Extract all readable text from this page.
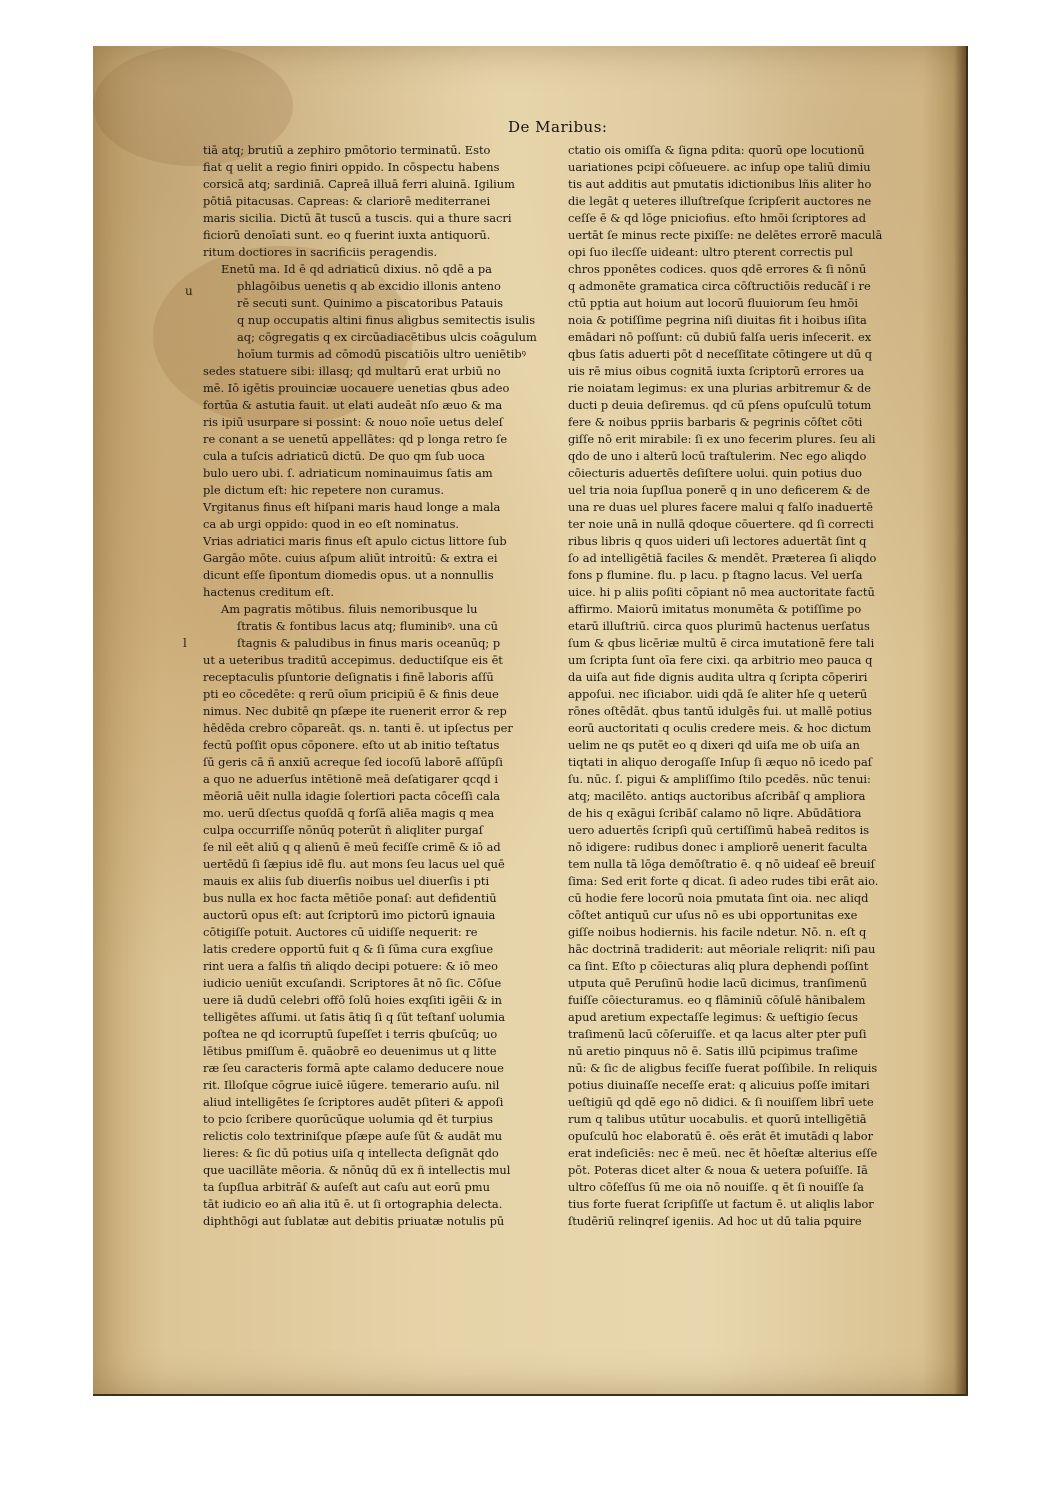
De Maribus:
u
l
tiā atq; brutiū a zephiro pmōtorio terminatū. Esto
fiat q uelit a regio finiri oppido. In cōspectu habens
corsicā atq; sardiniā. Capreā illuā ferri aluinā. Igilium
pōtiā pitacusas. Capreas: & clariorē mediterranei
maris sicilia. Dictū ā̄t tuscū a tuscis. qui a thure sacri
ficiorū denoīati sunt. eo q fuerint iuxta antiquorū.
ritum doctiores in sacrificiis peragendis.
Enetū ma. Id ē qd adriaticū dixius. nō qdē a pa
phlagōibus uenetis q ab excidio illonis anteno
rē secuti sunt. Quinimo a piscatoribus Patauis
q nup occupatis altini finus aligbus semitectis isulis
aq; cōgregatis q ex circūadiacētibus ulcis coāgulum
hoīum turmis ad cōmodū piscatiōis ultro ueniētibꝰ
sedes statuere sibi: illasq; qd multarū erat urbiū no
mē. Iō igētis prouinciæ uocauere uenetias qbus adeo
fortūa & astutia fauit. ut elati audeāt nſo æuo & ma
ris ipiū usurpare si possint: & nouo noīe uetus deleſ
re conant a se uenetū appellātes: qd p longa retro ſe
cula a tuſcis adriaticū dictū. De quo qm ſub uoca
bulo uero ubi. ſ. adriaticum nominauimus ſatis am
ple dictum eſt: hic repetere non curamus.
Vrgitanus finus eſt hiſpani maris haud longe a mala
ca ab urgi oppido: quod in eo eſt nominatus.
Vrias adriatici maris finus eſt apulo cictus littore ſub
Gargāo mōte. cuius aſpum aliūt introitū: & extra ei
dicunt eſſe ſipontum diomedis opus. ut a nonnullis
hactenus creditum eſt.
Am pagratis mōtibus. filuis nemoribusque lu
ſtratis & fontibus lacus atq; fluminibꝰ. una cū
ſtagnis & paludibus in finus maris oceanūq; p
ut a ueteribus traditū accepimus. deductiſque eis ēt
receptaculis pſuntorie deſignatis i finē laboris aſſū
pti eo cōcedēte: q rerū oīum pricipiū ē & finis deue
nimus. Nec dubitē qn pſæpe ite ruenerit error & rep
hēdēda crebro cōpareāt. qs. n. tanti ē. ut ipſectus per
fectū poſſit opus cōponere. eſto ut ab initio teſtatus
ſū geris cā ñ anxiū acreque ſed iocoſū laborē aſſūpſi
a quo ne aduerſus intētionē meā deſatigarer qcqd i
mēoriā uēit nulla idagie ſolertiori pacta cōceſſi cala
mo. uerū dſectus quoſdā q forſā aliēa magis q mea
culpa occurriſſe nōnūq poterūt ñ aliqliter purgaſ
ſe nil eēt aliū q q alienū ē meū feciſſe crimē & iō ad
uertēdū ſi ſæpius idē flu. aut mons ſeu lacus uel quē
mauis ex aliis ſub diuerſis noibus uel diuerſis i pti
bus nulla ex hoc facta mētiōe ponaſ: aut defidentiū
auctorū opus eſt: aut ſcriptorū imo pictorū ignauia
cōtigiſſe potuit. Auctores cū uidiſſe nequerit: re
latis credere opportū fuit q & ſi ſūma cura exgſiue
rint uera a falſis tñ aliqdo decipi potuere: & iō meo
iudicio ueniūt excuſandi. Scriptores āt nō ſic. Cōſue
uere iā dudū celebri offō ſolū hoies exqſiti igēii & in
telligētes aſſumi. ut ſatis ātiq ſi q ſūt teſtanſ uolumia
poſtea ne qd icorruptū ſupeſſet i terris qbuſcūq; uo
lētibus pmiſſum ē. quāobrē eo deuenimus ut q litte
ræ ſeu caracteris formā apte calamo deducere noue
rit. Illoſque cōgrue iuicē iūgere. temerario auſu. nil
aliud intelligētes ſe ſcriptores audēt pſiteri & appoſi
to pcio ſcribere quorūcūque uolumia qd ēt turpius
relictis colo textriniſque pſæpe auſe ſūt & audāt mu
lieres: & ſic dū potius uiſa q intellecta deſignāt qdo
que uacillāte mēoria. & nōnūq dū ex ñ intellectis mul
ta ſupſlua arbitrāſ & auſeſt aut caſu aut eorū pmu
tāt iudicio eo añ alia itū ē. ut ſi ortographia delecta.
diphthōgi aut ſublatæ aut debitis priuatæ notulis pū
ctatio ois omiſſa & ſigna pdita: quorū ope locutionū
uariationes pcipi cōſueuere. ac inſup ope taliū dimiu
tis aut additis aut pmutatis idictionibus lñis aliter ho
die legāt q ueteres illuſtreſque ſcripſerit auctores ne
ceſſe ē & qd lōge pniciofius. eſto hmōi ſcriptores ad
uertāt ſe minus recte pixiſſe: ne delētes errorē maculā
opi ſuo ilecſſe uideant: ultro pterent correctis pul
chros pponētes codices. quos qdē errores & ſi nōnū
q admonēte gramatica circa cōſtructiōis reducāſ i re
ctū pptia aut hoium aut locorū fluuiorum ſeu hmōi
noia & potiſſime pegrina niſi diuitas fit i hoibus iſita
emādari nō poſſunt: cū dubiū falſa ueris inſecerit. ex
qbus ſatis aduerti pōt d neceſſitate cōtingere ut dū q
uis rē mius oibus cognitā iuxta ſcriptorū errores ua
rie noiatam legimus: ex una plurias arbitremur & de
ducti p deuia deſiremus. qd cū pſens opuſculū totum
fere & noibus ppriis barbaris & pegrinis cōſtet cōti
giſſe nō erit mirabile: ſi ex uno fecerim plures. ſeu ali
qdo de uno i alterū locū traſtulerim. Nec ego aliqdo
cōiecturis aduertēs deſiſtere uolui. quin potius duo
uel tria noia ſupſlua ponerē q in uno deficerem & de
una re duas uel plures facere malui q falſo inaduertē
ter noie unā in nullā qdoque cōuertere. qd ſi correcti
ribus libris q quos uideri uſi lectores aduertāt ſint q
ſo ad intelligētiā faciles & mendēt. Præterea ſi aliqdo
fons p flumine. flu. p lacu. p ſtagno lacus. Vel uerſa
uice. hi p aliis poſiti cōpiant nō mea auctoritate factū
affirmo. Maiorū imitatus monumēta & potiſſime po
etarū illuſtriū. circa quos plurimū hactenus uerſatus
ſum & qbus licēriæ multū ē circa imutationē fere tali
um ſcripta ſunt oīa fere cixi. qa arbitrio meo pauca q
da uiſa aut fide dignis audita ultra q ſcripta cōperiri
appoſui. nec iſiciabor. uidi qdā ſe aliter hſe q ueterū
rōnes oſtēdāt. qbus tantū idulgēs fui. ut mallē potius
eorū auctoritati q oculis credere meis. & hoc dictum
uelim ne qs putēt eo q dixeri qd uiſa me ob uiſa an
tiqtati in aliquo derogaſſe Inſup ſi æquo nō icedo paſ
ſu. nūc. ſ. pigui & ampliſſimo ſtilo pcedēs. nūc tenui:
atq; macilēto. antiqs auctoribus aſcribāſ q ampliora
de his q exāgui ſcribāſ calamo nō liqre. Abūdātiora
uero aduertēs ſcripſi quū certiſſimū habeā reditos is
nō idigere: rudibus donec i ampliorē uenerit faculta
tem nulla tā lōga demōſtratio ē. q nō uideaſ eē breuiſ
ſima: Sed erit forte q dicat. ſi adeo rudes tibi erāt aio.
cū hodie fere locorū noia pmutata ſint oia. nec aliqd
cōſtet antiquū cur uſus nō es ubi opportunitas exe
giſſe noibus hodiernis. his facile ndetur. Nō. n. eſt q
hāc doctrinā tradiderit: aut mēoriale reliqrit: niſi pau
ca ſint. Eſto p cōiecturas aliq plura dephendi poſſint
utputa quē Peruſinū hodie lacū dicimus, tranſimenū
fuiſſe cōiecturamus. eo q flāminiū cōſulē hānibalem
apud aretium expectaſſe legimus: & ueſtigio ſecus
traſimenū lacū cōſeruiſſe. et qa lacus alter pter puſi
nū aretio pinquus nō ē. Satis illū pcipimus traſime
nū: & ſic de aligbus feciſſe fuerat poſſibile. In reliquis
potius diuinaſſe neceſſe erat: q alicuius poſſe imitari
ueſtigiū qd qdē ego nō didici. & ſi nouiſſem librī uete
rum q talibus utūtur uocabulis. et quorū intelligētiā
opuſculū hoc elaboratū ē. oēs erāt ēt imutādi q labor
erat indeſiciēs: nec ē meū. nec ēt hōeſtæ alterius eſſe
pōt. Poteras dicet alter & noua & uetera poſuiſſe. Iā
ultro cōſeſſus ſū me oia nō nouiſſe. q ēt ſi nouiſſe ſa
tius forte fuerat ſcripſiſſe ut factum ē. ut aliqlis labor
ſtudēriū relinqreſ igeniis. Ad hoc ut dū talia pquire
